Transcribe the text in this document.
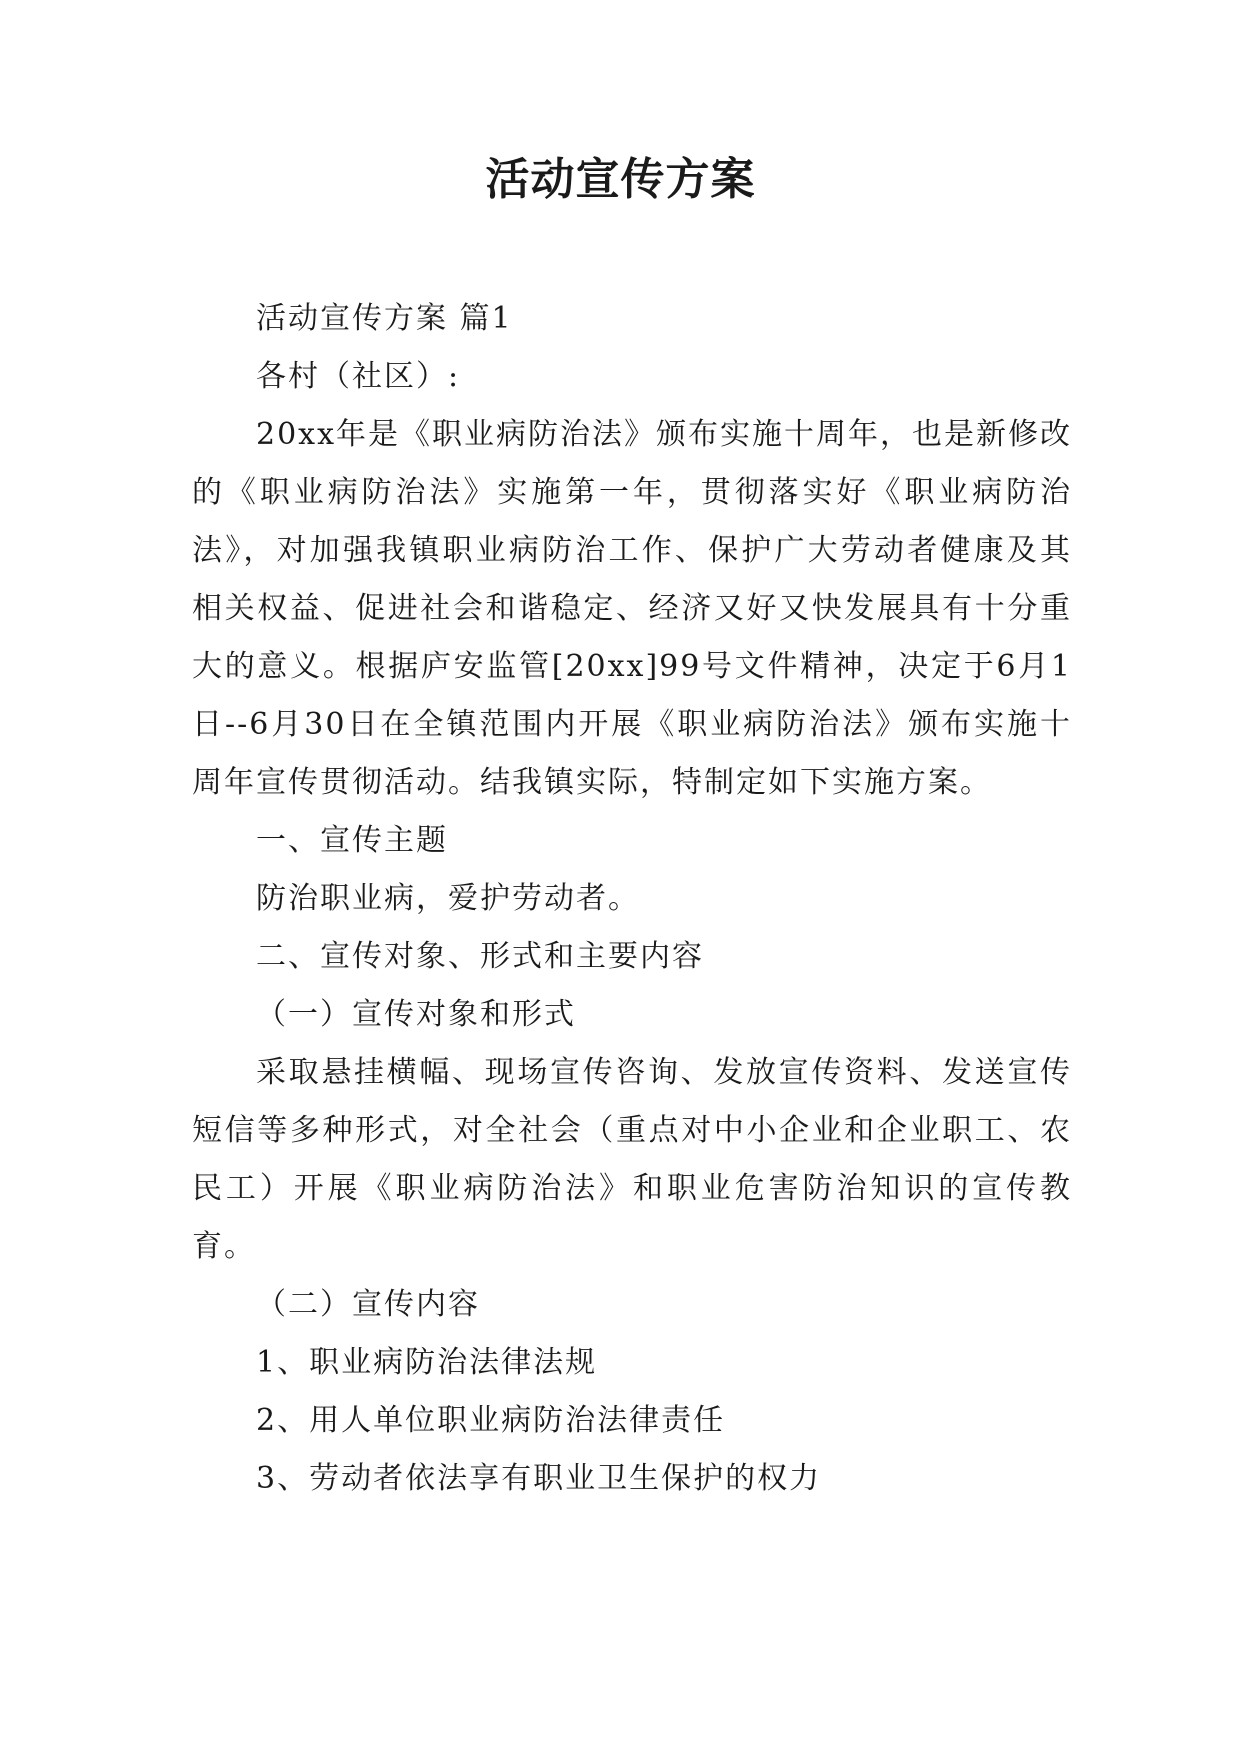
活动宣传方案

活动宣传方案 篇1

各村（社区）:

20xx年是《职业病防治法》颁布实施十周年，也是新修改的《职业病防治法》实施第一年，贯彻落实好《职业病防治法》，对加强我镇职业病防治工作、保护广大劳动者健康及其相关权益、促进社会和谐稳定、经济又好又快发展具有十分重大的意义。根据庐安监管[20xx]99号文件精神，决定于6月1日--6月30日在全镇范围内开展《职业病防治法》颁布实施十周年宣传贯彻活动。结我镇实际，特制定如下实施方案。

一、宣传主题

防治职业病，爱护劳动者。

二、宣传对象、形式和主要内容

（一）宣传对象和形式

采取悬挂横幅、现场宣传咨询、发放宣传资料、发送宣传短信等多种形式，对全社会（重点对中小企业和企业职工、农民工）开展《职业病防治法》和职业危害防治知识的宣传教育。

（二）宣传内容

1、职业病防治法律法规

2、用人单位职业病防治法律责任

3、劳动者依法享有职业卫生保护的权力
